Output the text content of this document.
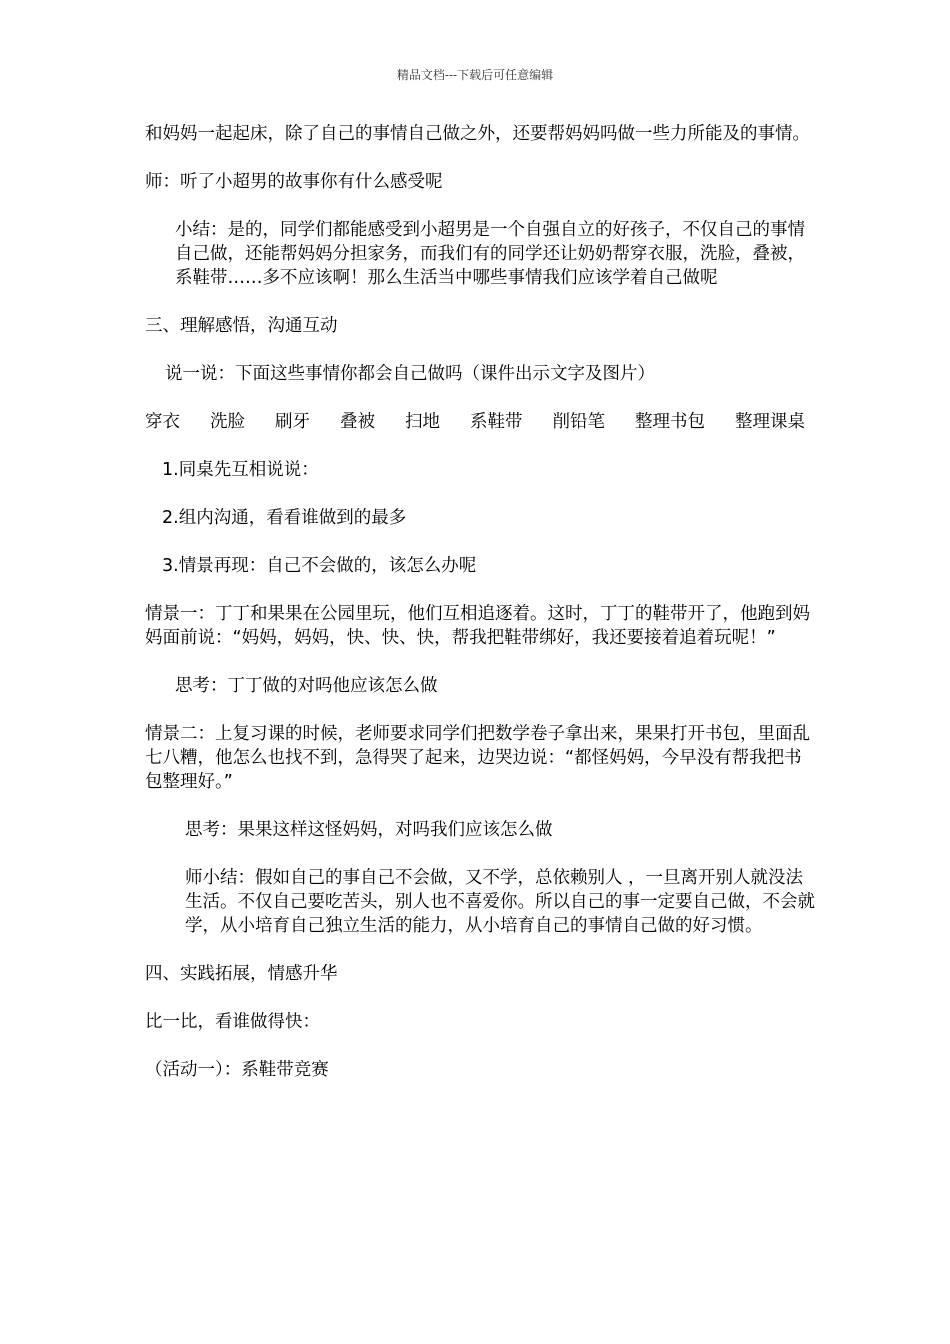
精品文档---下载后可任意编辑

和妈妈一起起床，除了自己的事情自己做之外，还要帮妈妈吗做一些力所能及的事情。

师：听了小超男的故事你有什么感受呢

小结：是的，同学们都能感受到小超男是一个自强自立的好孩子，不仅自己的事情自己做，还能帮妈妈分担家务，而我们有的同学还让奶奶帮穿衣服，洗脸，叠被，系鞋带……多不应该啊！那么生活当中哪些事情我们应该学着自己做呢

三、理解感悟，沟通互动

说一说：下面这些事情你都会自己做吗（课件出示文字及图片）

穿衣 洗脸 刷牙 叠被 扫地 系鞋带 削铅笔 整理书包 整理课桌

1.同桌先互相说说：

2.组内沟通，看看谁做到的最多

3.情景再现：自己不会做的，该怎么办呢

情景一：丁丁和果果在公园里玩，他们互相追逐着。这时，丁丁的鞋带开了，他跑到妈妈面前说：“妈妈，妈妈，快、快、快，帮我把鞋带绑好，我还要接着追着玩呢！”

思考：丁丁做的对吗他应该怎么做

情景二：上复习课的时候，老师要求同学们把数学卷子拿出来，果果打开书包，里面乱七八糟，他怎么也找不到，急得哭了起来，边哭边说：“都怪妈妈，今早没有帮我把书包整理好。”

思考：果果这样这怪妈妈，对吗我们应该怎么做

师小结：假如自己的事自己不会做，又不学，总依赖别人 ，一旦离开别人就没法生活。不仅自己要吃苦头，别人也不喜爱你。所以自己的事一定要自己做，不会就学，从小培育自己独立生活的能力，从小培育自己的事情自己做的好习惯。

四、实践拓展，情感升华

比一比，看谁做得快：

（活动一）：系鞋带竞赛
